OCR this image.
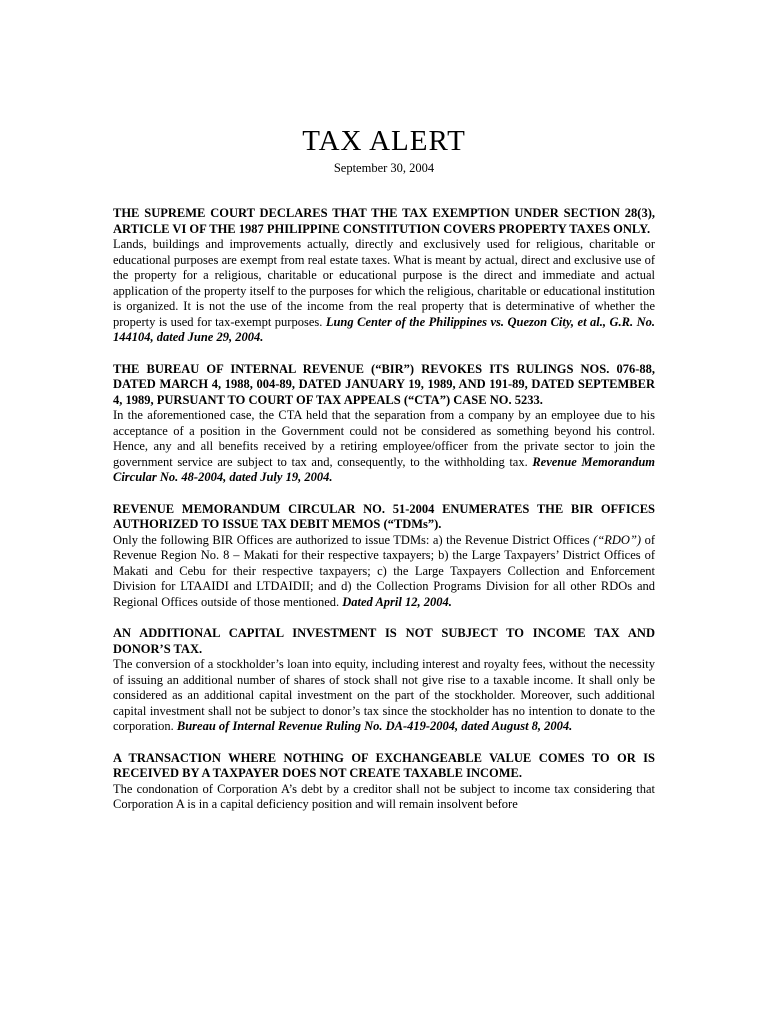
TAX ALERT

September 30, 2004

THE SUPREME COURT DECLARES THAT THE TAX EXEMPTION UNDER SECTION 28(3), ARTICLE VI OF THE 1987 PHILIPPINE CONSTITUTION COVERS PROPERTY TAXES ONLY.

Lands, buildings and improvements actually, directly and exclusively used for religious, charitable or educational purposes are exempt from real estate taxes. What is meant by actual, direct and exclusive use of the property for a religious, charitable or educational purpose is the direct and immediate and actual application of the property itself to the purposes for which the religious, charitable or educational institution is organized. It is not the use of the income from the real property that is determinative of whether the property is used for tax-exempt purposes. Lung Center of the Philippines vs. Quezon City, et al., G.R. No. 144104, dated June 29, 2004.

THE BUREAU OF INTERNAL REVENUE (“BIR”) REVOKES ITS RULINGS NOS. 076-88, DATED MARCH 4, 1988, 004-89, DATED JANUARY 19, 1989, AND 191-89, DATED SEPTEMBER 4, 1989, PURSUANT TO COURT OF TAX APPEALS (“CTA”) CASE NO. 5233.

In the aforementioned case, the CTA held that the separation from a company by an employee due to his acceptance of a position in the Government could not be considered as something beyond his control. Hence, any and all benefits received by a retiring employee/officer from the private sector to join the government service are subject to tax and, consequently, to the withholding tax. Revenue Memorandum Circular No. 48-2004, dated July 19, 2004.

REVENUE MEMORANDUM CIRCULAR NO. 51-2004 ENUMERATES THE BIR OFFICES AUTHORIZED TO ISSUE TAX DEBIT MEMOS (“TDMs”).

Only the following BIR Offices are authorized to issue TDMs: a) the Revenue District Offices (“RDO”) of Revenue Region No. 8 – Makati for their respective taxpayers; b) the Large Taxpayers’ District Offices of Makati and Cebu for their respective taxpayers; c) the Large Taxpayers Collection and Enforcement Division for LTAAIDI and LTDAIDII; and d) the Collection Programs Division for all other RDOs and Regional Offices outside of those mentioned. Dated April 12, 2004.

AN ADDITIONAL CAPITAL INVESTMENT IS NOT SUBJECT TO INCOME TAX AND DONOR’S TAX.

The conversion of a stockholder’s loan into equity, including interest and royalty fees, without the necessity of issuing an additional number of shares of stock shall not give rise to a taxable income. It shall only be considered as an additional capital investment on the part of the stockholder. Moreover, such additional capital investment shall not be subject to donor’s tax since the stockholder has no intention to donate to the corporation. Bureau of Internal Revenue Ruling No. DA-419-2004, dated August 8, 2004.

A TRANSACTION WHERE NOTHING OF EXCHANGEABLE VALUE COMES TO OR IS RECEIVED BY A TAXPAYER DOES NOT CREATE TAXABLE INCOME.

The condonation of Corporation A’s debt by a creditor shall not be subject to income tax considering that Corporation A is in a capital deficiency position and will remain insolvent before
